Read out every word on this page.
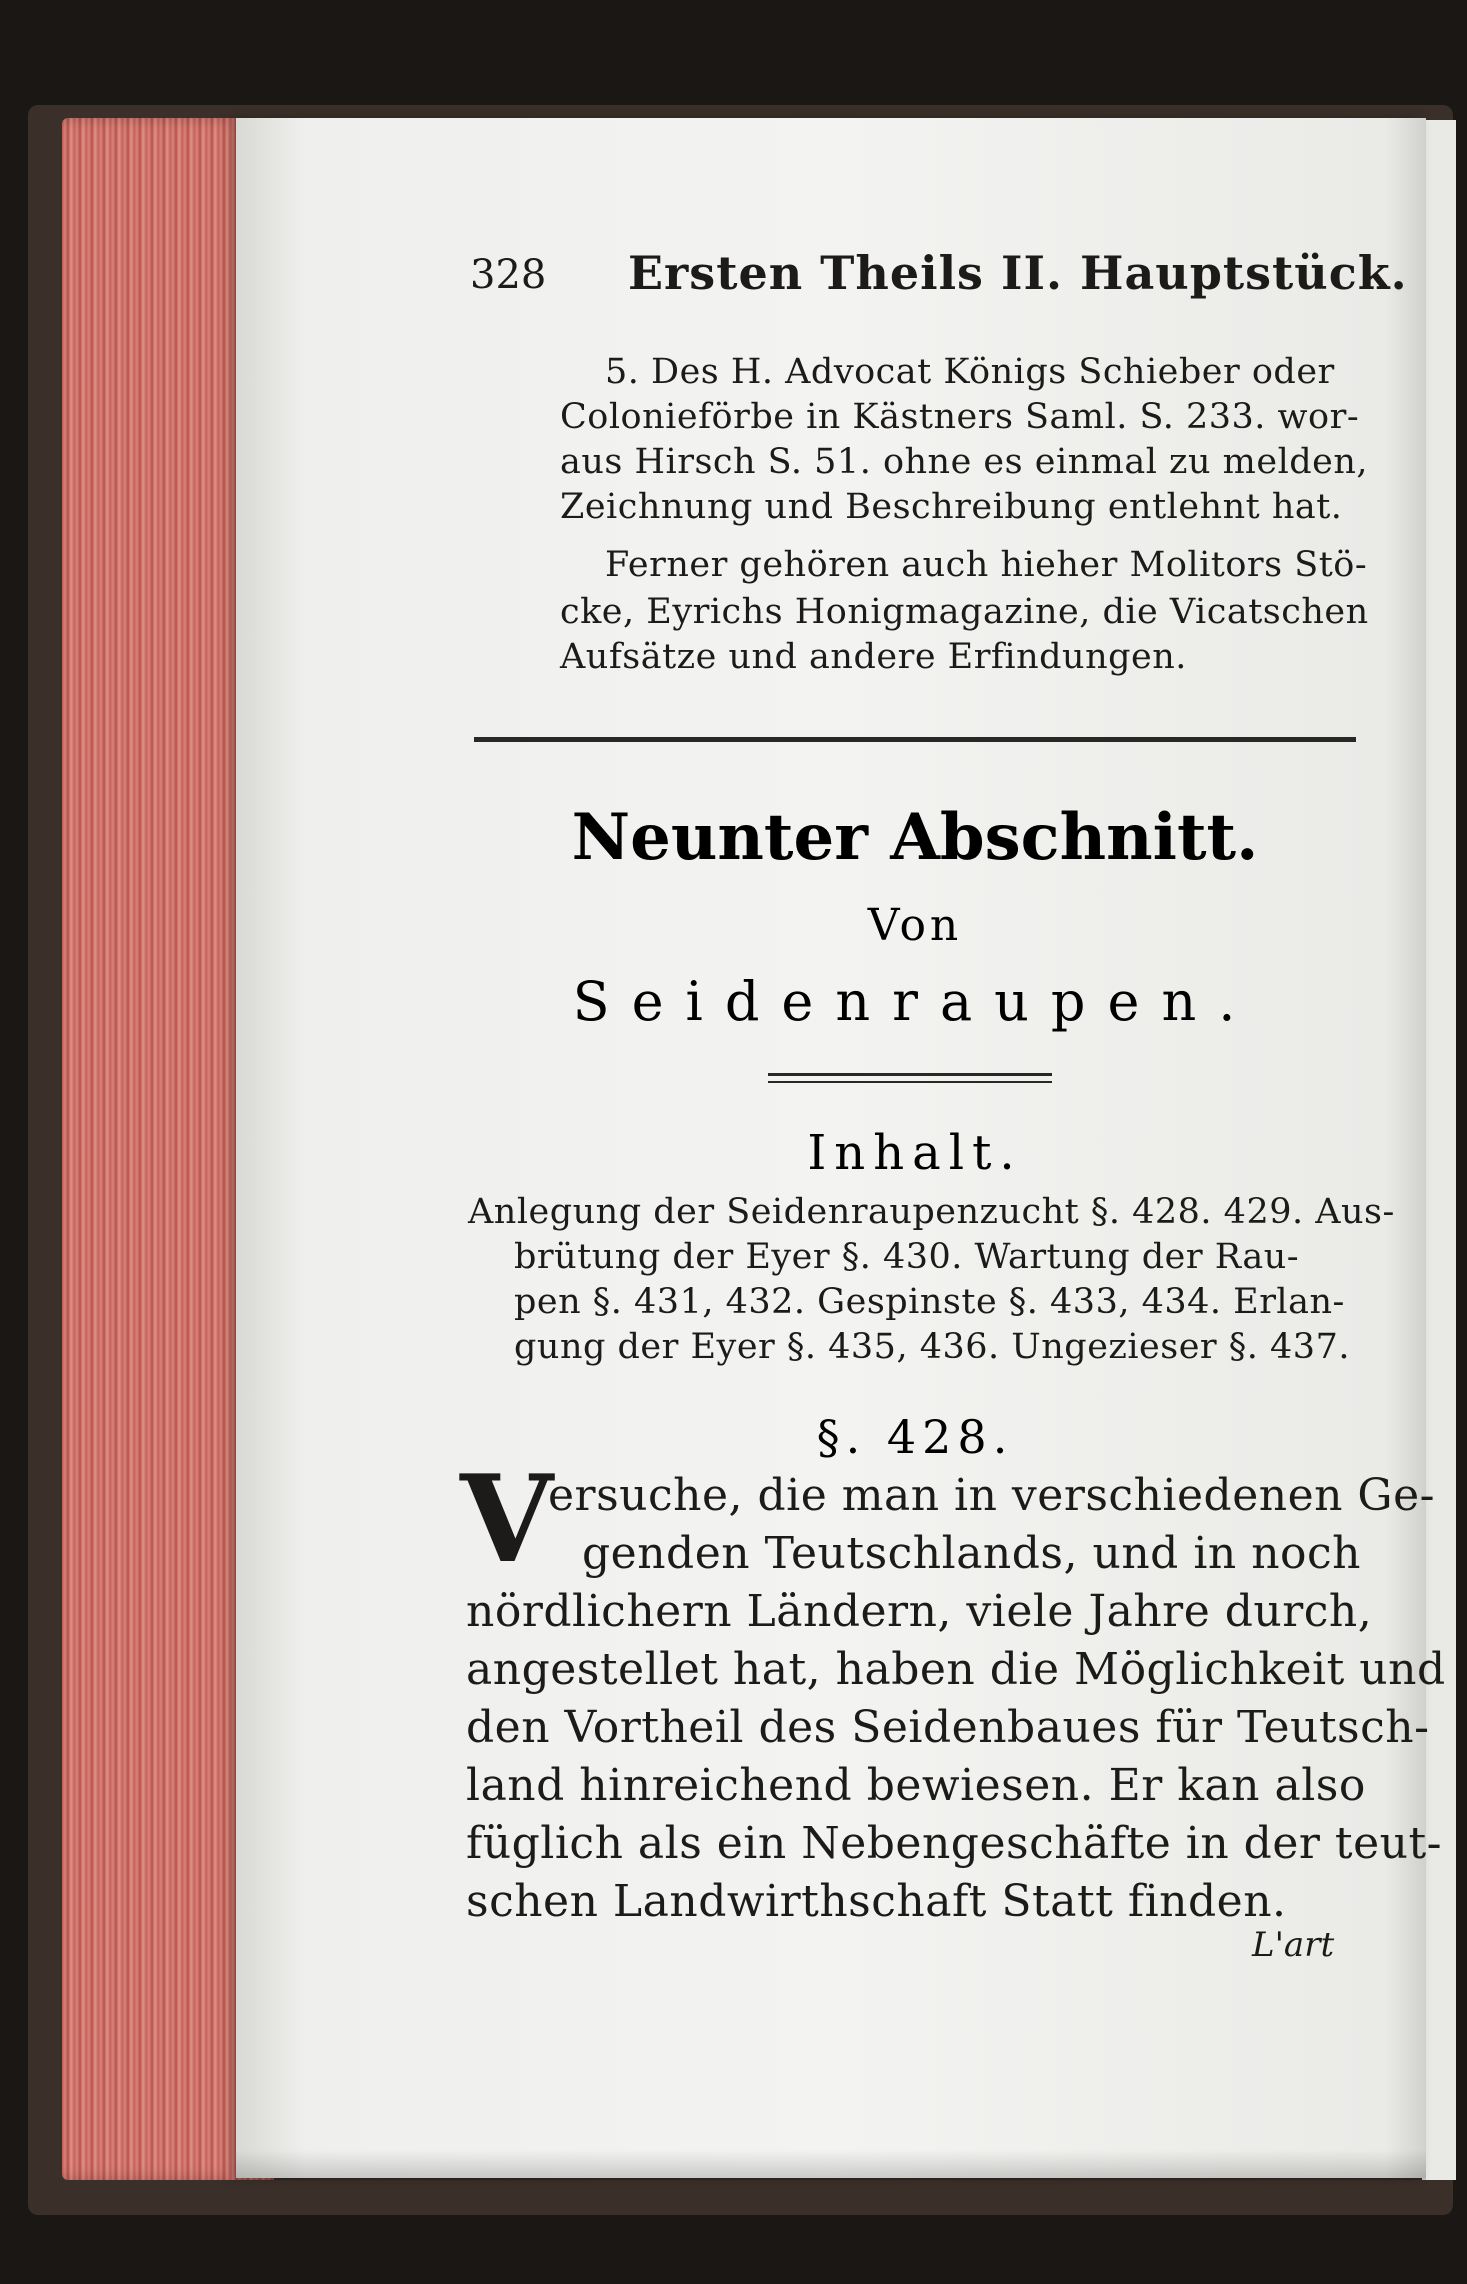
328 Ersten Theils II. Hauptstück.
5. Des H. Advocat Königs Schieber oder
Colonieförbe in Kästners Saml. S. 233. wor-
aus Hirsch S. 51. ohne es einmal zu melden,
Zeichnung und Beschreibung entlehnt hat.
Ferner gehören auch hieher Molitors Stö-
cke, Eyrichs Honigmagazine, die Vicatschen
Aufsätze und andere Erfindungen.
Neunter Abschnitt.
Von
Seidenraupen.
Inhalt.
Anlegung der Seidenraupenzucht §. 428. 429. Aus-
brütung der Eyer §. 430. Wartung der Rau-
pen §. 431, 432. Gespinste §. 433, 434. Erlan-
gung der Eyer §. 435, 436. Ungezieser §. 437.
§. 428.
V
ersuche, die man in verschiedenen Ge-
genden Teutschlands, und in noch
nördlichern Ländern, viele Jahre durch,
angestellet hat, haben die Möglichkeit und
den Vortheil des Seidenbaues für Teutsch-
land hinreichend bewiesen. Er kan also
füglich als ein Nebengeschäfte in der teut-
schen Landwirthschaft Statt finden.
L'art
